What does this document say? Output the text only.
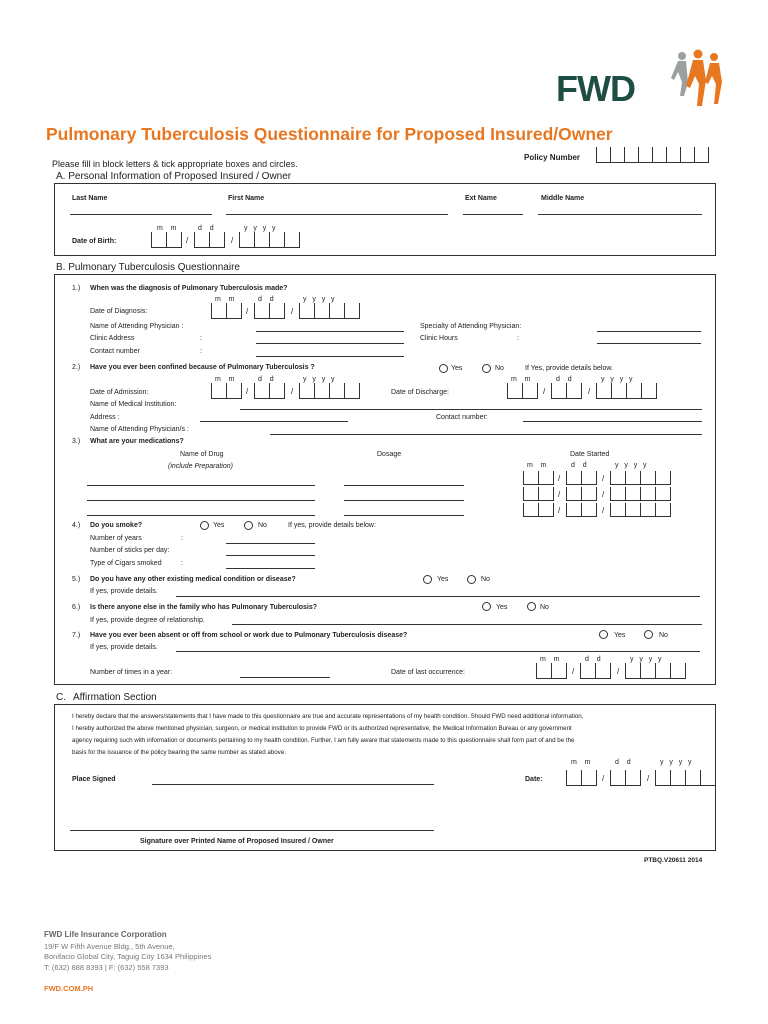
FWD
Pulmonary Tuberculosis Questionnaire for Proposed Insured/Owner
Please fill in block letters & tick appropriate boxes and circles.
Policy Number
A. Personal Information of Proposed Insured / Owner
Last Name	First Name	Ext Name	Middle Name
m m	d d	y y y y
Date of Birth:	/	/
B. Pulmonary Tuberculosis Questionnaire
1.) When was the diagnosis of Pulmonary Tuberculosis made?
m m	d d	y y y y
Date of Diagnosis:	/	/
Name of Attending Physician :
Clinic Address	:
Contact number	:
Specialty of Attending Physician:
Clinic Hours	:
2.) Have you ever been confined because of Pulmonary Tuberculosis ?	Yes	No	If Yes, provide details below.
m m	d d	y y y y
Date of Admission:	/	/	Date of Discharge:
m m	d d	y y y y
/	/
Name of Medical Institution:
Address :	Contact number:
Name of Attending Physician/s :
3.) What are your medications?
Name of Drug
(include Preparation)
Dosage	Date Started
m m	d d	y y y y
/	/
/	/
/	/
4.) Do you smoke?	Yes	No	If yes, provide details below:
Number of years	:
Number of sticks per day:
Type of Cigars smoked	:
5.) Do you have any other existing medical condition or disease?	Yes	No
If yes, provide details.
6.) Is there anyone else in the family who has Pulmonary Tuberculosis?	Yes	No
If yes, provide degree of relationship.
7.) Have you ever been absent or off from school or work due to Pulmonary Tuberculosis disease?	Yes	No
If yes, provide details.
m m	d d	y y y y
Number of times in a year:	Date of last occurrence:	/	/
C. Affirmation Section
I hereby declare that the answers/statements that I have made to this questionnaire are true and accurate representations of my health condition. Should FWD need additional information,
I hereby authorized the above mentioned physician, surgeon, or medical institution to provide FWD or its authorized representative, the Medical Information Bureau or any government
agency requiring such with information or documents pertaining to my health condition. Further, I am fully aware that statements made to this questionnaire shall form part of and be the
basis for the issuance of the policy bearing the same number as stated above.
m m	d d	y y y y
Place Signed	Date:	/	/
Signature over Printed Name of Proposed Insured / Owner
PTBQ.V20611 2014
FWD Life Insurance Corporation
19/F W Fifth Avenue Bldg., 5th Avenue,
Bonifacio Global City, Taguig City 1634 Philippines
T: (632) 888 8393 | F: (632) 558 7393
FWD.COM.PH
